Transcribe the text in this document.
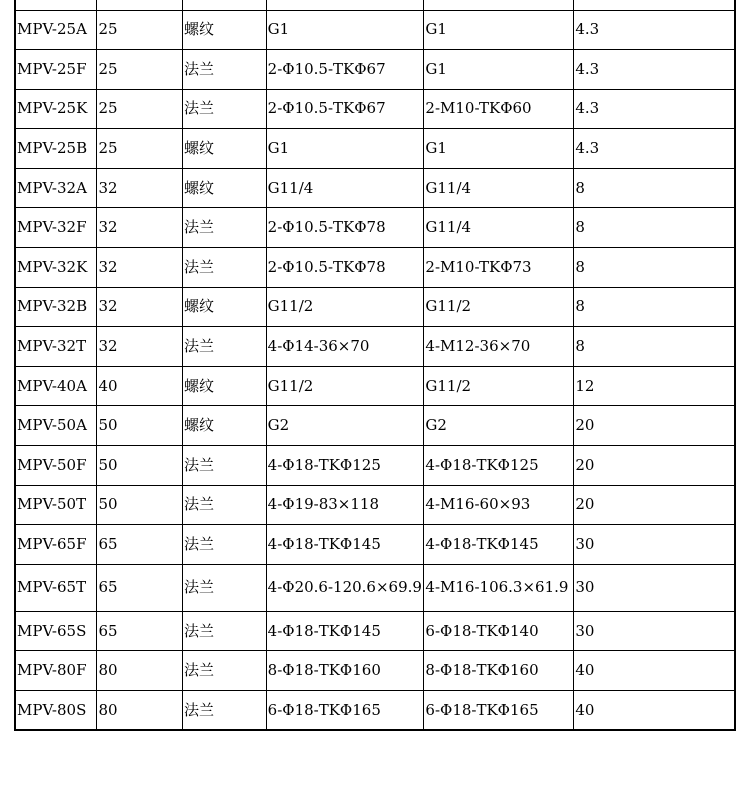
MPV-25A	25	螺纹	G1	G1	4.3
MPV-25F	25	法兰	2-Φ10.5-TKΦ67	G1	4.3
MPV-25K	25	法兰	2-Φ10.5-TKΦ67	2-M10-TKΦ60	4.3
MPV-25B	25	螺纹	G1	G1	4.3
MPV-32A	32	螺纹	G11/4	G11/4	8
MPV-32F	32	法兰	2-Φ10.5-TKΦ78	G11/4	8
MPV-32K	32	法兰	2-Φ10.5-TKΦ78	2-M10-TKΦ73	8
MPV-32B	32	螺纹	G11/2	G11/2	8
MPV-32T	32	法兰	4-Φ14-36×70	4-M12-36×70	8
MPV-40A	40	螺纹	G11/2	G11/2	12
MPV-50A	50	螺纹	G2	G2	20
MPV-50F	50	法兰	4-Φ18-TKΦ125	4-Φ18-TKΦ125	20
MPV-50T	50	法兰	4-Φ19-83×118	4-M16-60×93	20
MPV-65F	65	法兰	4-Φ18-TKΦ145	4-Φ18-TKΦ145	30
MPV-65T	65	法兰	4-Φ20.6-120.6×69.9	4-M16-106.3×61.9	30
MPV-65S	65	法兰	4-Φ18-TKΦ145	6-Φ18-TKΦ140	30
MPV-80F	80	法兰	8-Φ18-TKΦ160	8-Φ18-TKΦ160	40
MPV-80S	80	法兰	6-Φ18-TKΦ165	6-Φ18-TKΦ165	40
